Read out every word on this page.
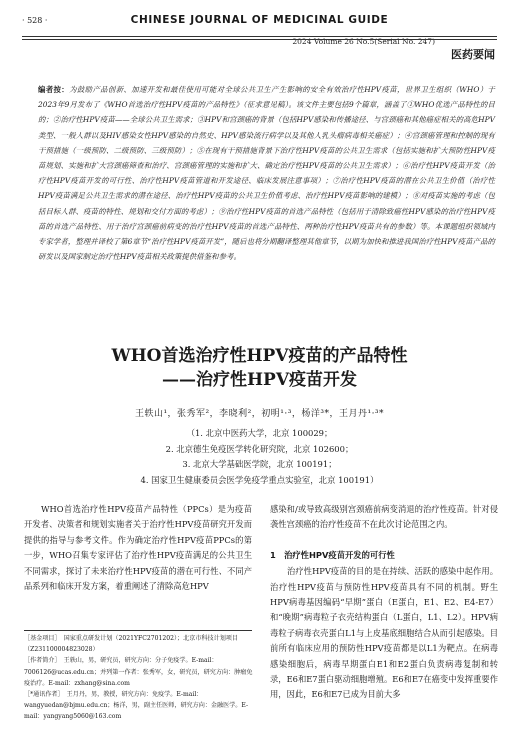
· 528 ·	CHINESE JOURNAL OF MEDICINAL GUIDE
2024 Volume 26 No.5(Serial No. 247)
医药要闻
编者按：为鼓励产品创新、加速开发和最佳使用可能对全球公共卫生产生影响的安全有效治疗性HPV疫苗，世界卫生组织（WHO）于2023年9月发布了《WHO首选治疗性HPV疫苗的产品特性》（征求意见稿）。该文件主要包括9个篇章，涵盖了①WHO优选产品特性的目的；②治疗性HPV疫苗——全球公共卫生需求；③HPV和宫颈癌的背景（包括HPV感染和传播途径、与宫颈癌和其他癌症相关的高危HPV类型、一般人群以及HIV感染女性HPV感染的自然史、HPV感染流行病学以及其他人乳头瘤病毒相关癌症）；④宫颈癌管理和控制的现有干预措施（一级预防、二级预防、三级预防）；⑤在现有干预措施背景下治疗性HPV疫苗的公共卫生需求（包括实施和扩大预防性HPV疫苗规划、实施和扩大宫颈癌筛查和治疗、宫颈癌管理的实施和扩大、确定治疗性HPV疫苗的公共卫生需求）；⑥治疗性HPV疫苗开发（治疗性HPV疫苗开发的可行性、治疗性HPV疫苗管道和开发途径、临床发展注意事项）；⑦治疗性HPV疫苗的潜在公共卫生价值（治疗性HPV疫苗满足公共卫生需求的潜在途径、治疗性HPV疫苗的公共卫生价值考虑、治疗性HPV疫苗影响的建模）；⑧对疫苗实施的考虑（包括目标人群、疫苗的特性、规划和交付方面的考虑）；⑨治疗性HPV疫苗的首选产品特性（包括用于清除致癌性HPV感染的治疗性HPV疫苗的首选产品特性、用于治疗宫颈癌前病变的治疗性HPV疫苗的首选产品特性、两种治疗性HPV疫苗共有的参数）等。本课题组织领域内专家学者，整理并译校了第6章节“治疗性HPV疫苗开发”，随后也将分期翻译整理其他章节，以期为加快和推进我国治疗性HPV疫苗产品的研发以及国家制定治疗性HPV疫苗相关政策提供借鉴和参考。
WHO首选治疗性HPV疫苗的产品特性
——治疗性HPV疫苗开发
王轶山¹，张秀军²，李晓利²，初明¹·³，杨洋³*，王月丹¹·³*
（1. 北京中医药大学，北京 100029；
2. 北京德生免疫医学转化研究院，北京 102600；
3. 北京大学基础医学院，北京 100191；
4. 国家卫生健康委员会医学免疫学重点实验室，北京 100191）
WHO首选治疗性HPV疫苗产品特性（PPCs）是为疫苗开发者、决策者和规划实施者关于治疗性HPV疫苗研究开发而提供的指导与参考文件。作为确定治疗性HPV疫苗PPCs的第一步，WHO召集专家评估了治疗性HPV疫苗满足的公共卫生不同需求，探讨了未来治疗性HPV疫苗的潜在可行性、不同产品系列和临床开发方案，着重阐述了清除高危HPV

感染和/或导致高级别宫颈癌前病变消退的治疗性疫苗。针对侵袭性宫颈癌的治疗性疫苗不在此次讨论范围之内。

1　治疗性HPV疫苗开发的可行性

治疗性HPV疫苗的目的是在持续、活跃的感染中起作用。治疗性HPV疫苗与预防性HPV疫苗具有不同的机制。野生HPV病毒基因编码“早期”蛋白（E蛋白，E1、E2、E4-E7）和“晚期”病毒粒子衣壳结构蛋白（L蛋白，L1、L2）。HPV病毒粒子病毒衣壳蛋白L1与上皮基底细胞结合从而引起感染。目前所有临床应用的预防性HPV疫苗都是以L1为靶点。在病毒感染细胞后，病毒早期蛋白E1和E2蛋白负责病毒复制和转录，E6和E7蛋白驱动细胞增殖。E6和E7在癌变中发挥重要作用，因此，E6和E7已成为目前大多

［基金项目］　国家重点研发计划（2021YFC2701202）；北京市科技计划项目（Z231100004823028）
［作者简介］　王轶山，男，研究员，研究方向：分子免疫学。E-mail：7006126@ucas.edu.cn；并列第一作者：张秀军，女，研究员，研究方向：肿瘤免疫治疗。E-mail：zxhang@sina.com
［*通讯作者］　王月丹，男，教授，研究方向：免疫学。E-mail：wangyuedan@bjmu.edu.cn；杨洋，男，副主任医师，研究方向：金融医学。E-mail：yangyang5060@163.com
